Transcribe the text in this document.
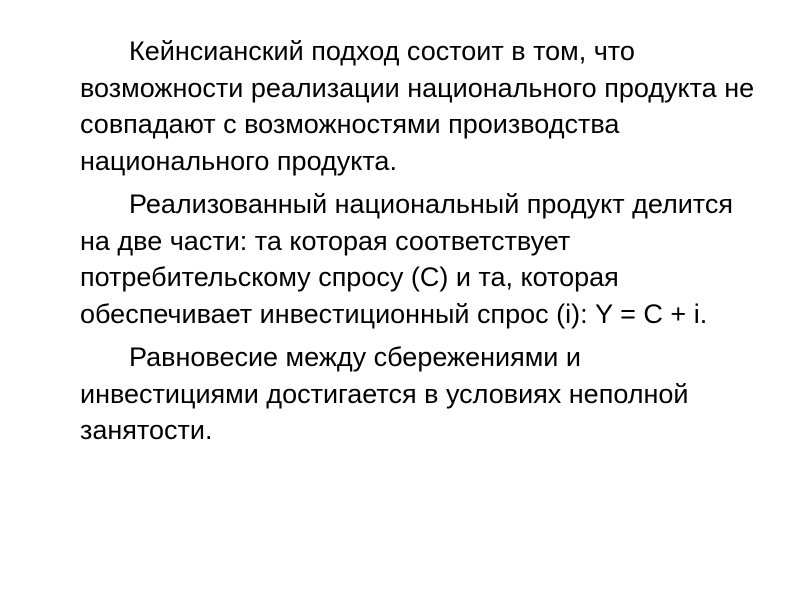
Кейнсианский подход состоит в том, что возможности реализации национального продукта не совпадают с возможностями производства национального продукта.

Реализованный национальный продукт делится на две части: та которая соответствует потребительскому спросу (С) и та, которая обеспечивает инвестиционный спрос (i): Y = C + i.

Равновесие между сбережениями и инвестициями достигается в условиях неполной занятости.
